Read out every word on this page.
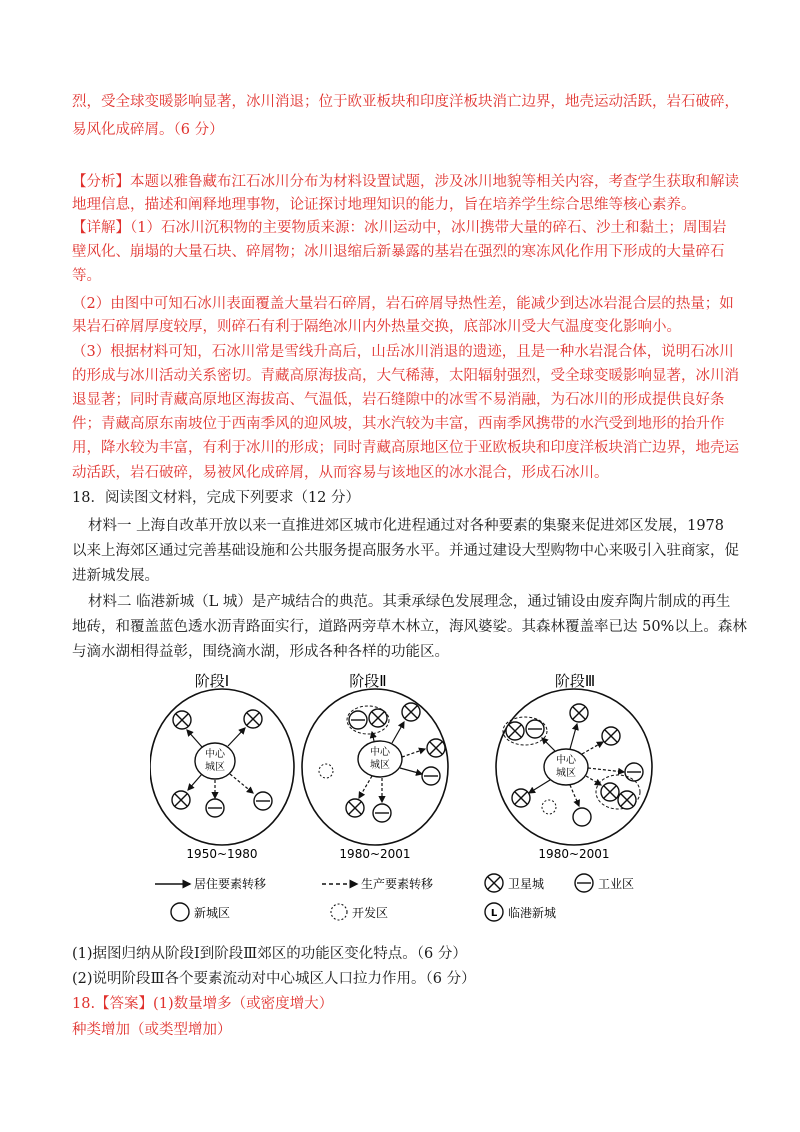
烈，受全球变暖影响显著，冰川消退；位于欧亚板块和印度洋板块消亡边界，地壳运动活跃，岩石破碎，
易风化成碎屑。（6 分）
【分析】本题以雅鲁藏布江石冰川分布为材料设置试题，涉及冰川地貌等相关内容，考查学生获取和解读
地理信息，描述和阐释地理事物，论证探讨地理知识的能力，旨在培养学生综合思维等核心素养。
【详解】（1）石冰川沉积物的主要物质来源：冰川运动中，冰川携带大量的碎石、沙土和黏土；周围岩
壁风化、崩塌的大量石块、碎屑物；冰川退缩后新暴露的基岩在强烈的寒冻风化作用下形成的大量碎石
等。
（2）由图中可知石冰川表面覆盖大量岩石碎屑，岩石碎屑导热性差，能减少到达冰岩混合层的热量；如
果岩石碎屑厚度较厚，则碎石有利于隔绝冰川内外热量交换，底部冰川受大气温度变化影响小。
（3）根据材料可知，石冰川常是雪线升高后，山岳冰川消退的遗迹，且是一种水岩混合体，说明石冰川
的形成与冰川活动关系密切。青藏高原海拔高，大气稀薄，太阳辐射强烈，受全球变暖影响显著，冰川消
退显著；同时青藏高原地区海拔高、气温低，岩石缝隙中的冰雪不易消融，为石冰川的形成提供良好条
件；青藏高原东南坡位于西南季风的迎风坡，其水汽较为丰富，西南季风携带的水汽受到地形的抬升作
用，降水较为丰富，有利于冰川的形成；同时青藏高原地区位于亚欧板块和印度洋板块消亡边界，地壳运
动活跃，岩石破碎，易被风化成碎屑，从而容易与该地区的冰水混合，形成石冰川。
18．阅读图文材料，完成下列要求（12 分）
材料一 上海自改革开放以来一直推进郊区城市化进程通过对各种要素的集聚来促进郊区发展，1978
以来上海郊区通过完善基础设施和公共服务提高服务水平。并通过建设大型购物中心来吸引入驻商家，促
进新城发展。
材料二 临港新城（L 城）是产城结合的典范。其秉承绿色发展理念，通过铺设由废弃陶片制成的再生
地砖，和覆盖蓝色透水沥青路面实行，道路两旁草木林立，海风婆娑。其森林覆盖率已达 50%以上。森林
与滴水湖相得益彰，围绕滴水湖，形成各种各样的功能区。
阶段Ⅰ	阶段Ⅱ	阶段Ⅲ
中心
城区
中心
城区	中心
城区
1950~1980	1980~2001	1980~2001
居住要素转移	生产要素转移	卫星城	工业区
新城区	开发区	L 临港新城
(1)据图归纳从阶段Ⅰ到阶段Ⅲ郊区的功能区变化特点。（6 分）
(2)说明阶段Ⅲ各个要素流动对中心城区人口拉力作用。（6 分）
18.【答案】(1)数量增多（或密度增大）
种类增加（或类型增加）
